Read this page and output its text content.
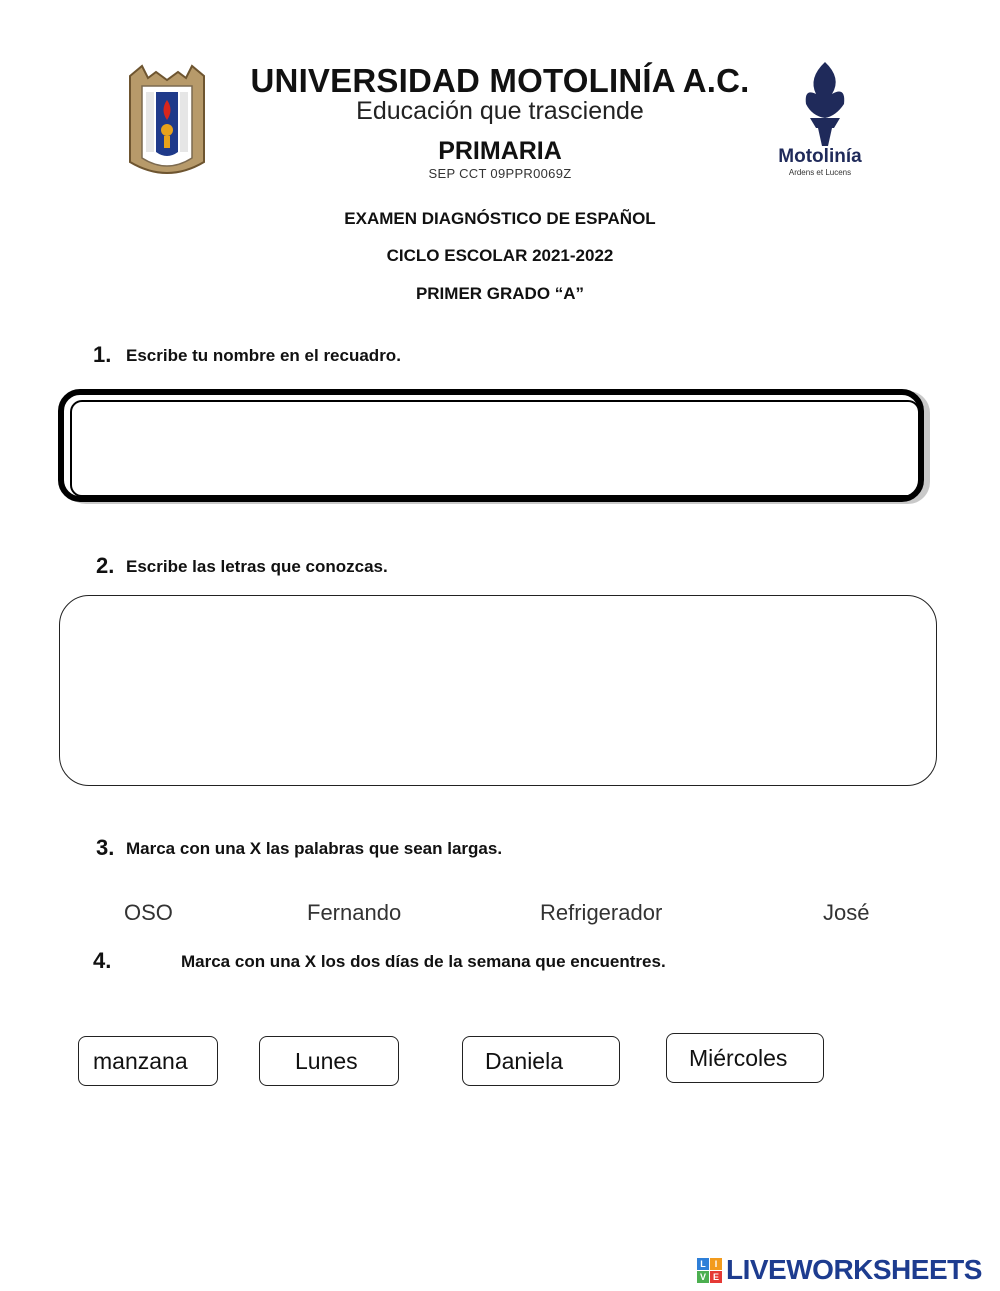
UNIVERSIDAD MOTOLINÍA A.C.
Educación que trasciende
PRIMARIA
SEP CCT 09PPR0069Z
Motolinía
Ardens et Lucens
EXAMEN DIAGNÓSTICO DE ESPAÑOL
CICLO ESCOLAR 2021-2022
PRIMER GRADO “A”
1. Escribe tu nombre en el recuadro.
2. Escribe las letras que conozcas.
3. Marca con una X las palabras que sean largas.
OSO	Fernando	Refrigerador	José
4.	Marca con una X los dos días de la semana que encuentres.
manzana	Lunes	Daniela	Miércoles
L I
V E LIVEWORKSHEETS
